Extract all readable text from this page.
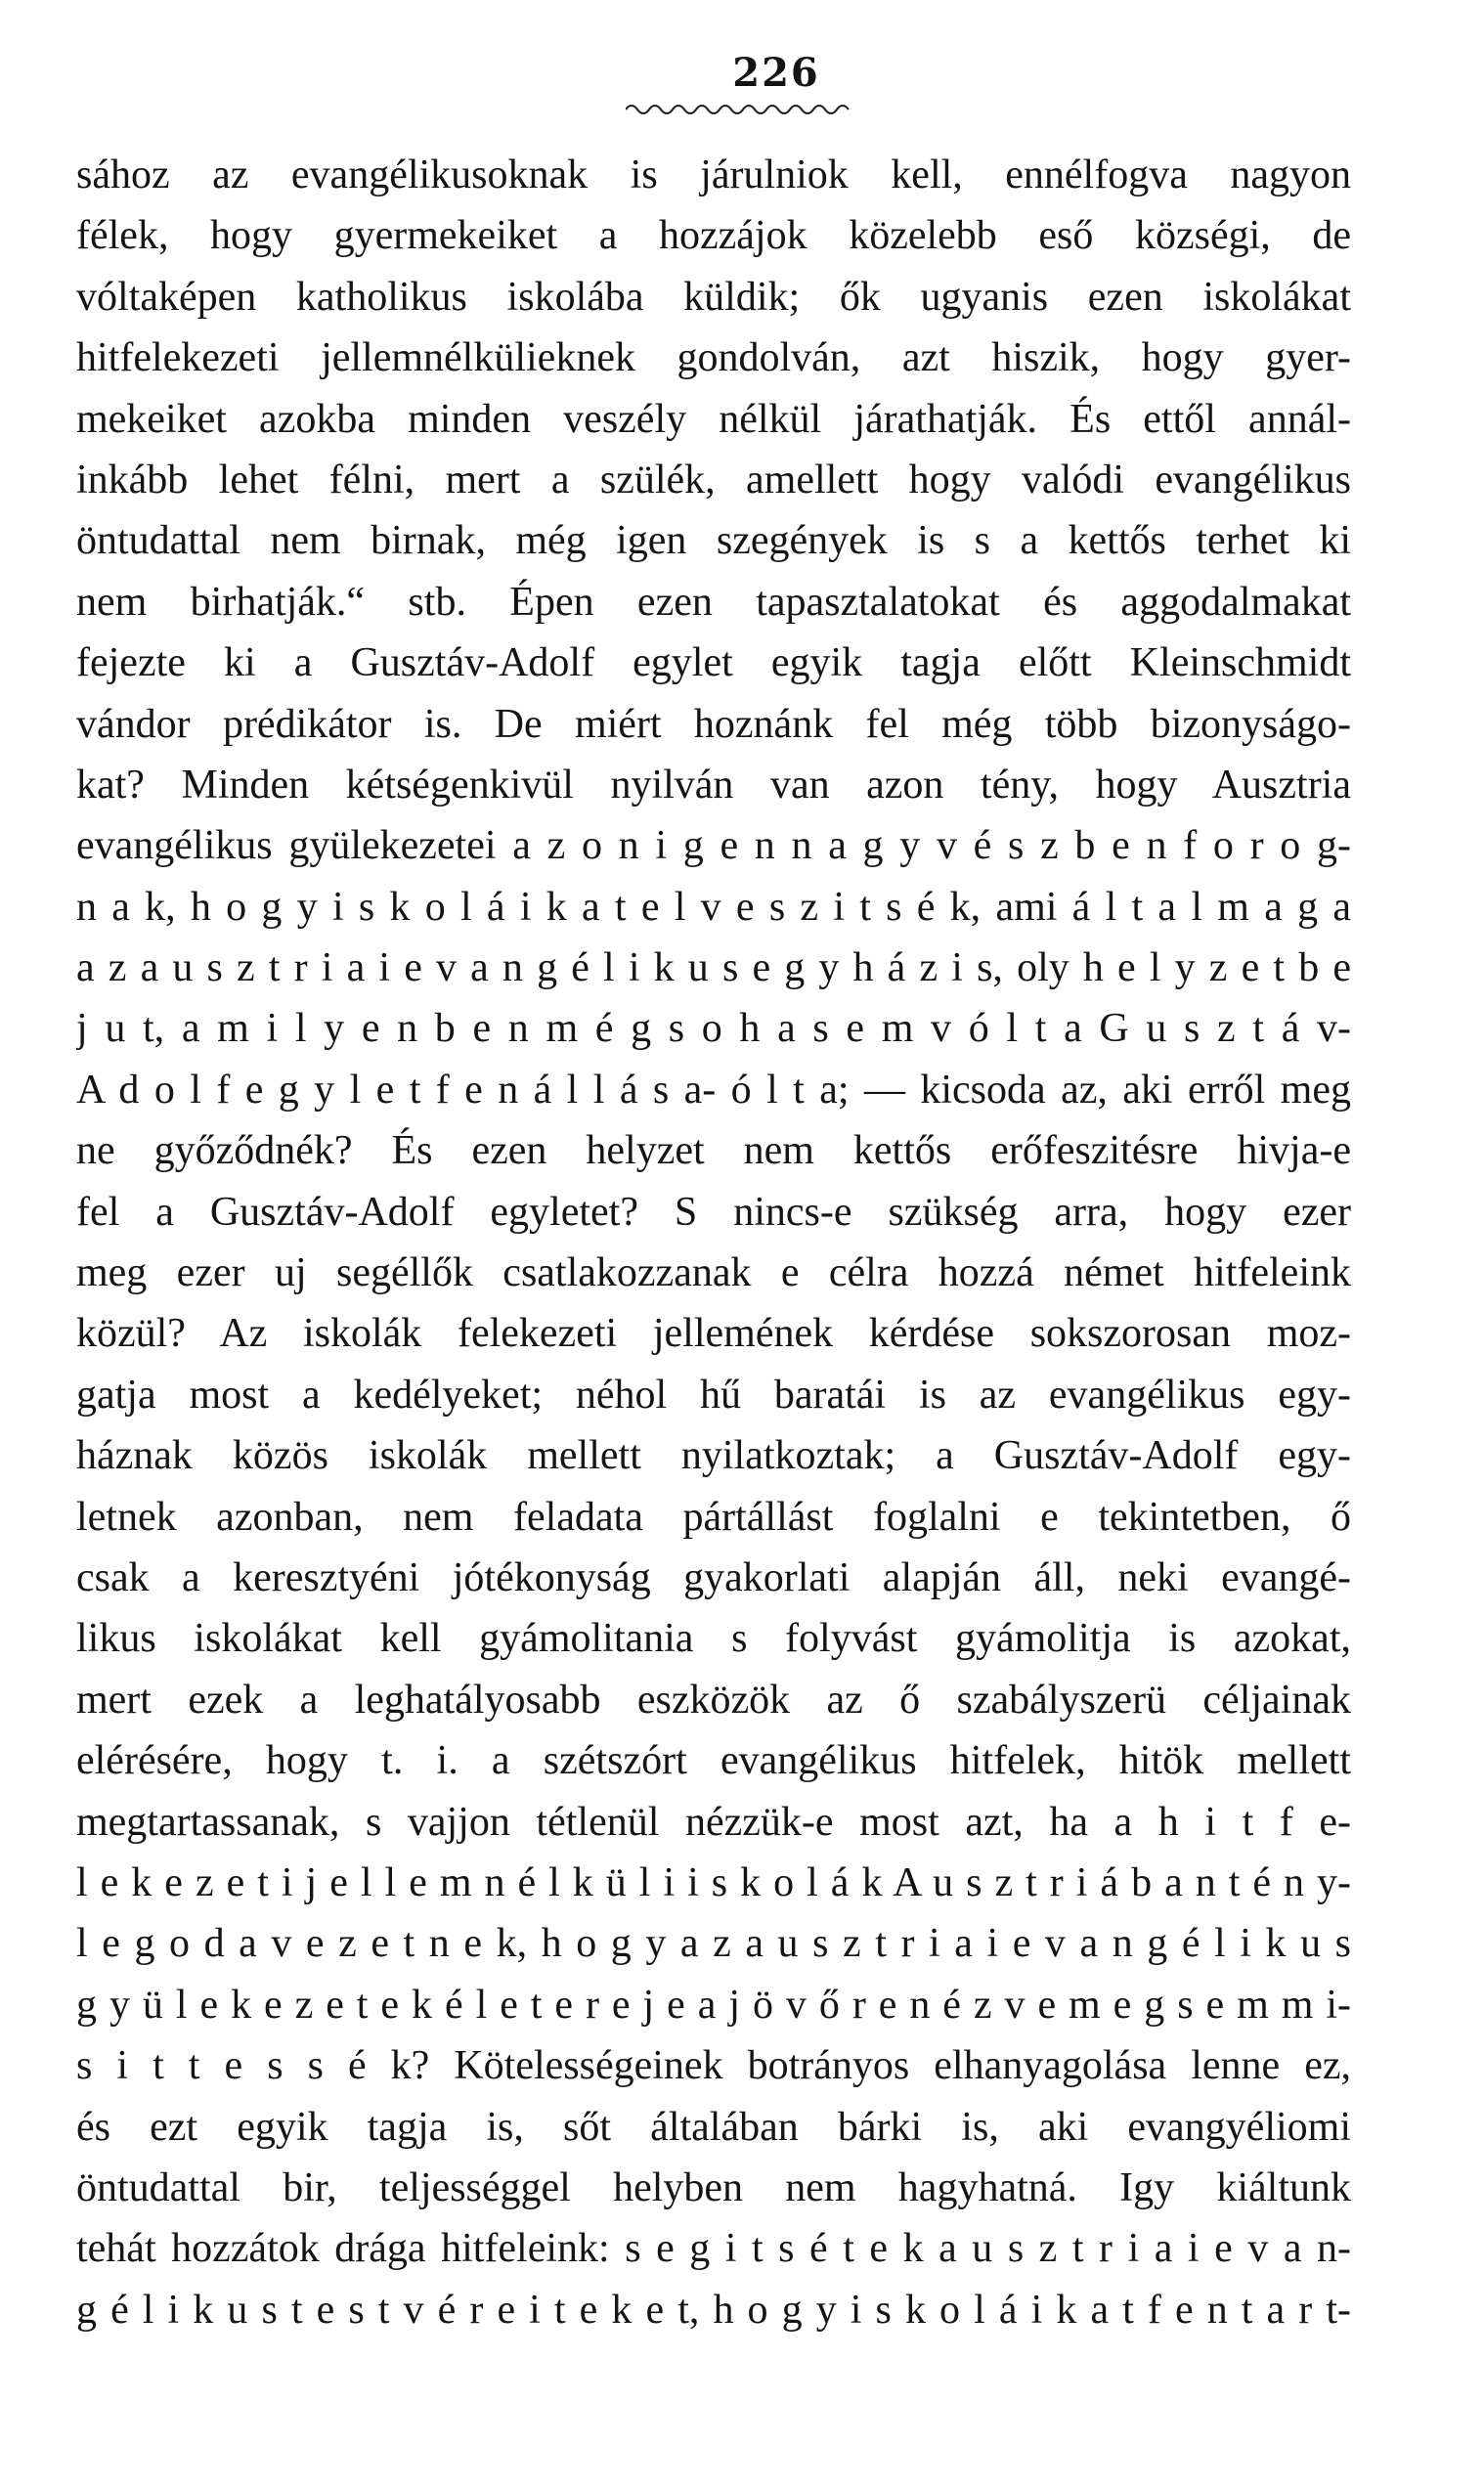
226
sához az evangélikusoknak is járulniok kell, ennélfogva nagyon
félek, hogy gyermekeiket a hozzájok közelebb eső községi, de
vóltaképen katholikus iskolába küldik; ők ugyanis ezen iskolákat
hitfelekezeti jellemnélkülieknek gondolván, azt hiszik, hogy gyer-
mekeiket azokba minden veszély nélkül járathatják. És ettől annál-
inkább lehet félni, mert a szülék, amellett hogy valódi evangélikus
öntudattal nem birnak, még igen szegények is s a kettős terhet ki
nem birhatják.“ stb. Épen ezen tapasztalatokat és aggodalmakat
fejezte ki a Gusztáv-Adolf egylet egyik tagja előtt Kleinschmidt
vándor prédikátor is. De miért hoznánk fel még több bizonyságo-
kat? Minden kétségenkivül nyilván van azon tény, hogy Ausztria
evangélikus gyülekezetei a z o n i g e n n a g y v é s z b e n f o r o g-
n a k, h o g y i s k o l á i k a t e l v e s z i t s é k, ami á l t a l m a g a
a z a u s z t r i a i e v a n g é l i k u s e g y h á z i s, oly h e l y z e t b e
j u t, a m i l y e n b e n m é g s o h a s e m v ó l t a G u s z t á v-
A d o l f e g y l e t f e n á l l á s a- ó l t a; — kicsoda az, aki erről meg
ne győződnék? És ezen helyzet nem kettős erőfeszitésre hivja-e
fel a Gusztáv-Adolf egyletet? S nincs-e szükség arra, hogy ezer
meg ezer uj segéllők csatlakozzanak e célra hozzá német hitfeleink
közül? Az iskolák felekezeti jellemének kérdése sokszorosan moz-
gatja most a kedélyeket; néhol hű baratái is az evangélikus egy-
háznak közös iskolák mellett nyilatkoztak; a Gusztáv-Adolf egy-
letnek azonban, nem feladata pártállást foglalni e tekintetben, ő
csak a keresztyéni jótékonyság gyakorlati alapján áll, neki evangé-
likus iskolákat kell gyámolitania s folyvást gyámolitja is azokat,
mert ezek a leghatályosabb eszközök az ő szabályszerü céljainak
elérésére, hogy t. i. a szétszórt evangélikus hitfelek, hitök mellett
megtartassanak, s vajjon tétlenül nézzük-e most azt, ha a h i t f e-
l e k e z e t i j e l l e m n é l k ü l i i s k o l á k A u s z t r i á b a n t é n y-
l e g o d a v e z e t n e k, h o g y a z a u s z t r i a i e v a n g é l i k u s
g y ü l e k e z e t e k é l e t e r e j e a j ö v ő r e n é z v e m e g s e m m i-
s i t t e s s é k? Kötelességeinek botrányos elhanyagolása lenne ez,
és ezt egyik tagja is, sőt általában bárki is, aki evangyéliomi
öntudattal bir, teljességgel helyben nem hagyhatná. Igy kiáltunk
tehát hozzátok drága hitfeleink: s e g i t s é t e k a u s z t r i a i e v a n-
g é l i k u s t e s t v é r e i t e k e t, h o g y i s k o l á i k a t f e n t a r t-
